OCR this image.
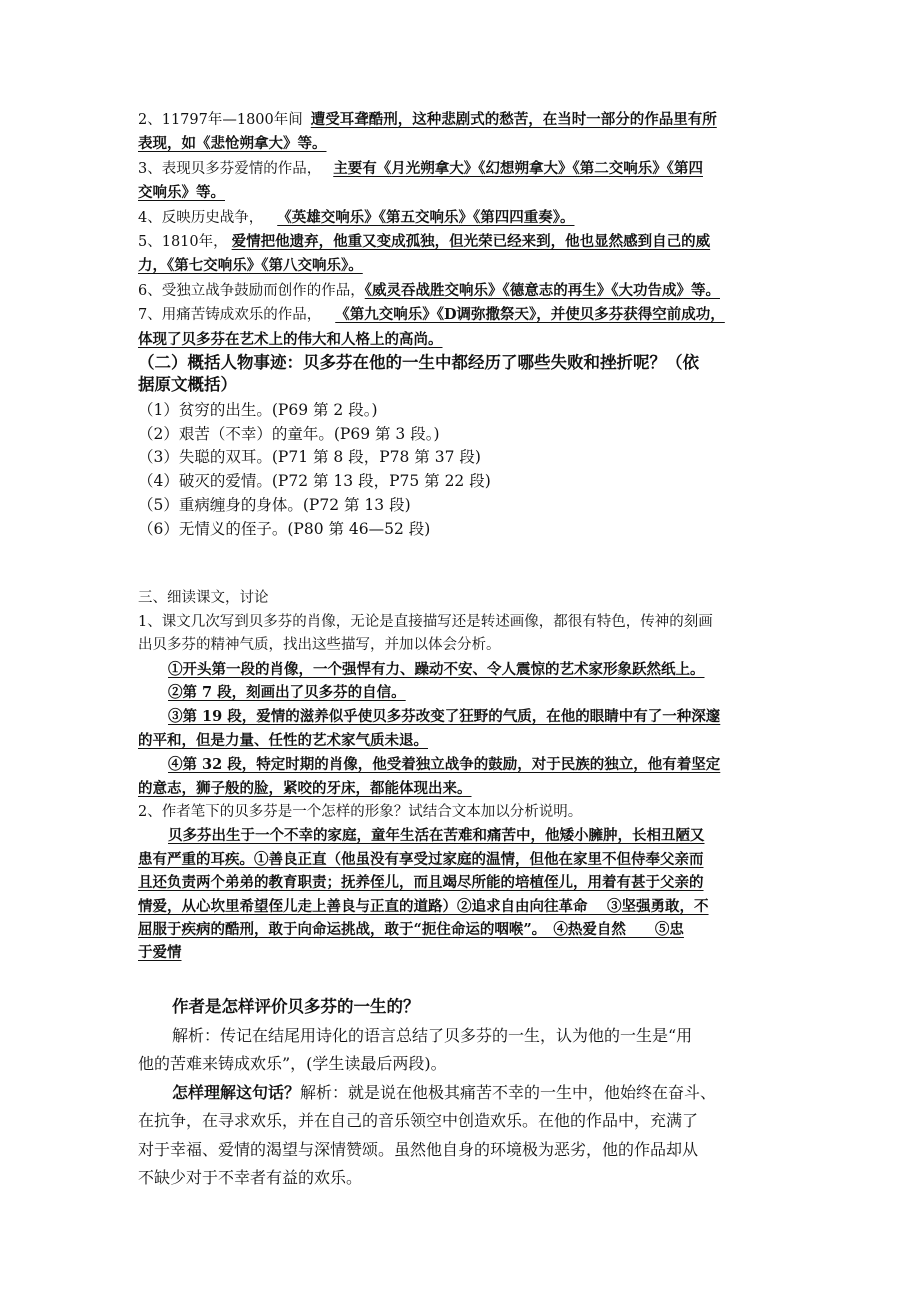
2、11797年—1800年间 遭受耳聋酷刑，这种悲剧式的愁苦，在当时一部分的作品里有所
表现，如《悲怆朔拿大》等。
3、表现贝多芬爱情的作品， 主要有《月光朔拿大》《幻想朔拿大》《第二交响乐》《第四
交响乐》等。
4、反映历史战争， 《英雄交响乐》《第五交响乐》《第四四重奏》。
5、1810年， 爱情把他遗弃，他重又变成孤独，但光荣已经来到，他也显然感到自己的威
力，《第七交响乐》《第八交响乐》。
6、受独立战争鼓励而创作的作品，《威灵吞战胜交响乐》《德意志的再生》《大功告成》等。
7、用痛苦铸成欢乐的作品， 《第九交响乐》《D调弥撒祭天》，并使贝多芬获得空前成功，
体现了贝多芬在艺术上的伟大和人格上的高尚。
（二）概括人物事迹：贝多芬在他的一生中都经历了哪些失败和挫折呢？（依
据原文概括）
（1）贫穷的出生。(P69 第 2 段。)
（2）艰苦（不幸）的童年。(P69 第 3 段。)
（3）失聪的双耳。(P71 第 8 段，P78 第 37 段)
（4）破灭的爱情。(P72 第 13 段，P75 第 22 段)
（5）重病缠身的身体。(P72 第 13 段)
（6）无情义的侄子。(P80 第 46—52 段)
三、细读课文，讨论
1、课文几次写到贝多芬的肖像，无论是直接描写还是转述画像，都很有特色，传神的刻画
出贝多芬的精神气质，找出这些描写，并加以体会分析。
①开头第一段的肖像，一个强悍有力、躁动不安、令人震惊的艺术家形象跃然纸上。
②第 7 段，刻画出了贝多芬的自信。
③第 19 段，爱情的滋养似乎使贝多芬改变了狂野的气质，在他的眼睛中有了一种深邃
的平和，但是力量、任性的艺术家气质未退。
④第 32 段，特定时期的肖像，他受着独立战争的鼓励，对于民族的独立，他有着坚定
的意志，狮子般的脸，紧咬的牙床，都能体现出来。
2、作者笔下的贝多芬是一个怎样的形象？试结合文本加以分析说明。
贝多芬出生于一个不幸的家庭，童年生活在苦难和痛苦中，他矮小臃肿，长相丑陋又
患有严重的耳疾。①善良正直（他虽没有享受过家庭的温情，但他在家里不但侍奉父亲而
且还负责两个弟弟的教育职责；抚养侄儿，而且竭尽所能的培植侄儿，用着有甚于父亲的
情爱，从心坎里希望侄儿走上善良与正直的道路）②追求自由向往革命　 ③坚强勇敢，不
屈服于疾病的酷刑，敢于向命运挑战，敢于“扼住命运的咽喉”。　④热爱自然　　⑤忠
于爱情
作者是怎样评价贝多芬的一生的？
解析：传记在结尾用诗化的语言总结了贝多芬的一生，认为他的一生是“用
他的苦难来铸成欢乐”，(学生读最后两段)。
怎样理解这句话？解析：就是说在他极其痛苦不幸的一生中，他始终在奋斗、
在抗争，在寻求欢乐，并在自己的音乐领空中创造欢乐。在他的作品中，充满了
对于幸福、爱情的渴望与深情赞颂。虽然他自身的环境极为恶劣，他的作品却从
不缺少对于不幸者有益的欢乐。
